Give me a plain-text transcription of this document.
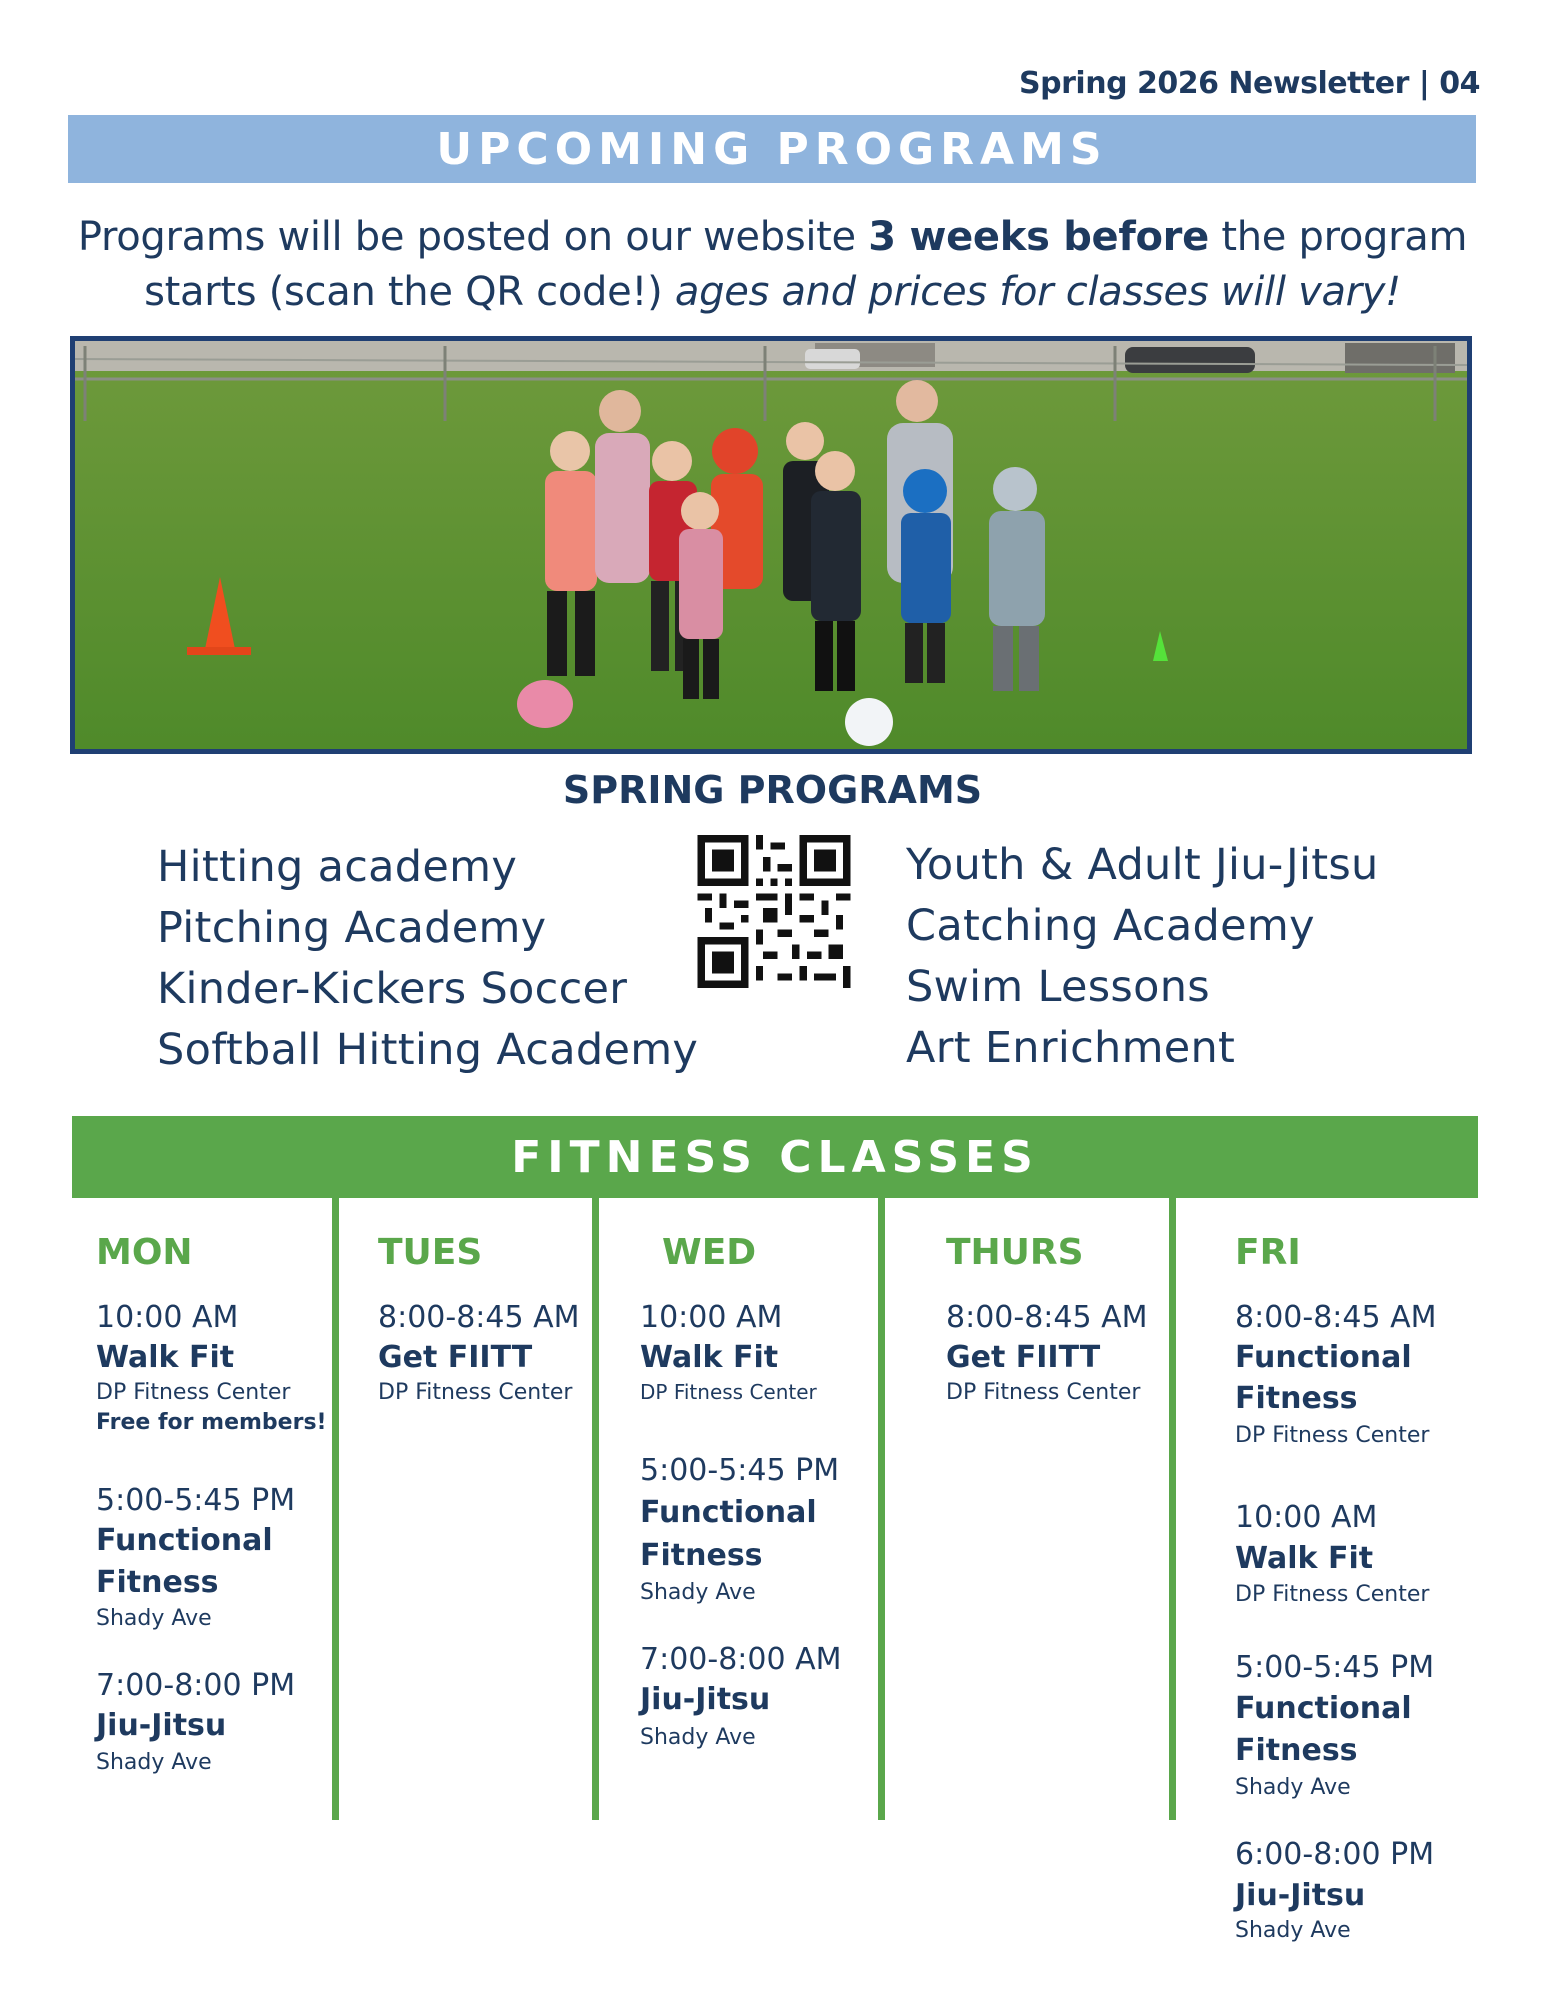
Spring 2026 Newsletter | 04
UPCOMING PROGRAMS
Programs will be posted on our website 3 weeks before the program starts (scan the QR code!) ages and prices for classes will vary!
SPRING PROGRAMS
Hitting academy
Pitching Academy
Kinder-Kickers Soccer
Softball Hitting Academy
Youth & Adult Jiu-Jitsu
Catching Academy
Swim Lessons
Art Enrichment
FITNESS CLASSES
MON
10:00 AM
Walk Fit
DP Fitness Center
Free for members!
5:00-5:45 PM
Functional
Fitness
Shady Ave
7:00-8:00 PM
Jiu-Jitsu
Shady Ave
TUES
8:00-8:45 AM
Get FIITT
DP Fitness Center
WED
10:00 AM
Walk Fit
DP Fitness Center
5:00-5:45 PM
Functional
Fitness
Shady Ave
7:00-8:00 AM
Jiu-Jitsu
Shady Ave
THURS
8:00-8:45 AM
Get FIITT
DP Fitness Center
FRI
8:00-8:45 AM
Functional
Fitness
DP Fitness Center
10:00 AM
Walk Fit
DP Fitness Center
5:00-5:45 PM
Functional
Fitness
Shady Ave
6:00-8:00 PM
Jiu-Jitsu
Shady Ave
